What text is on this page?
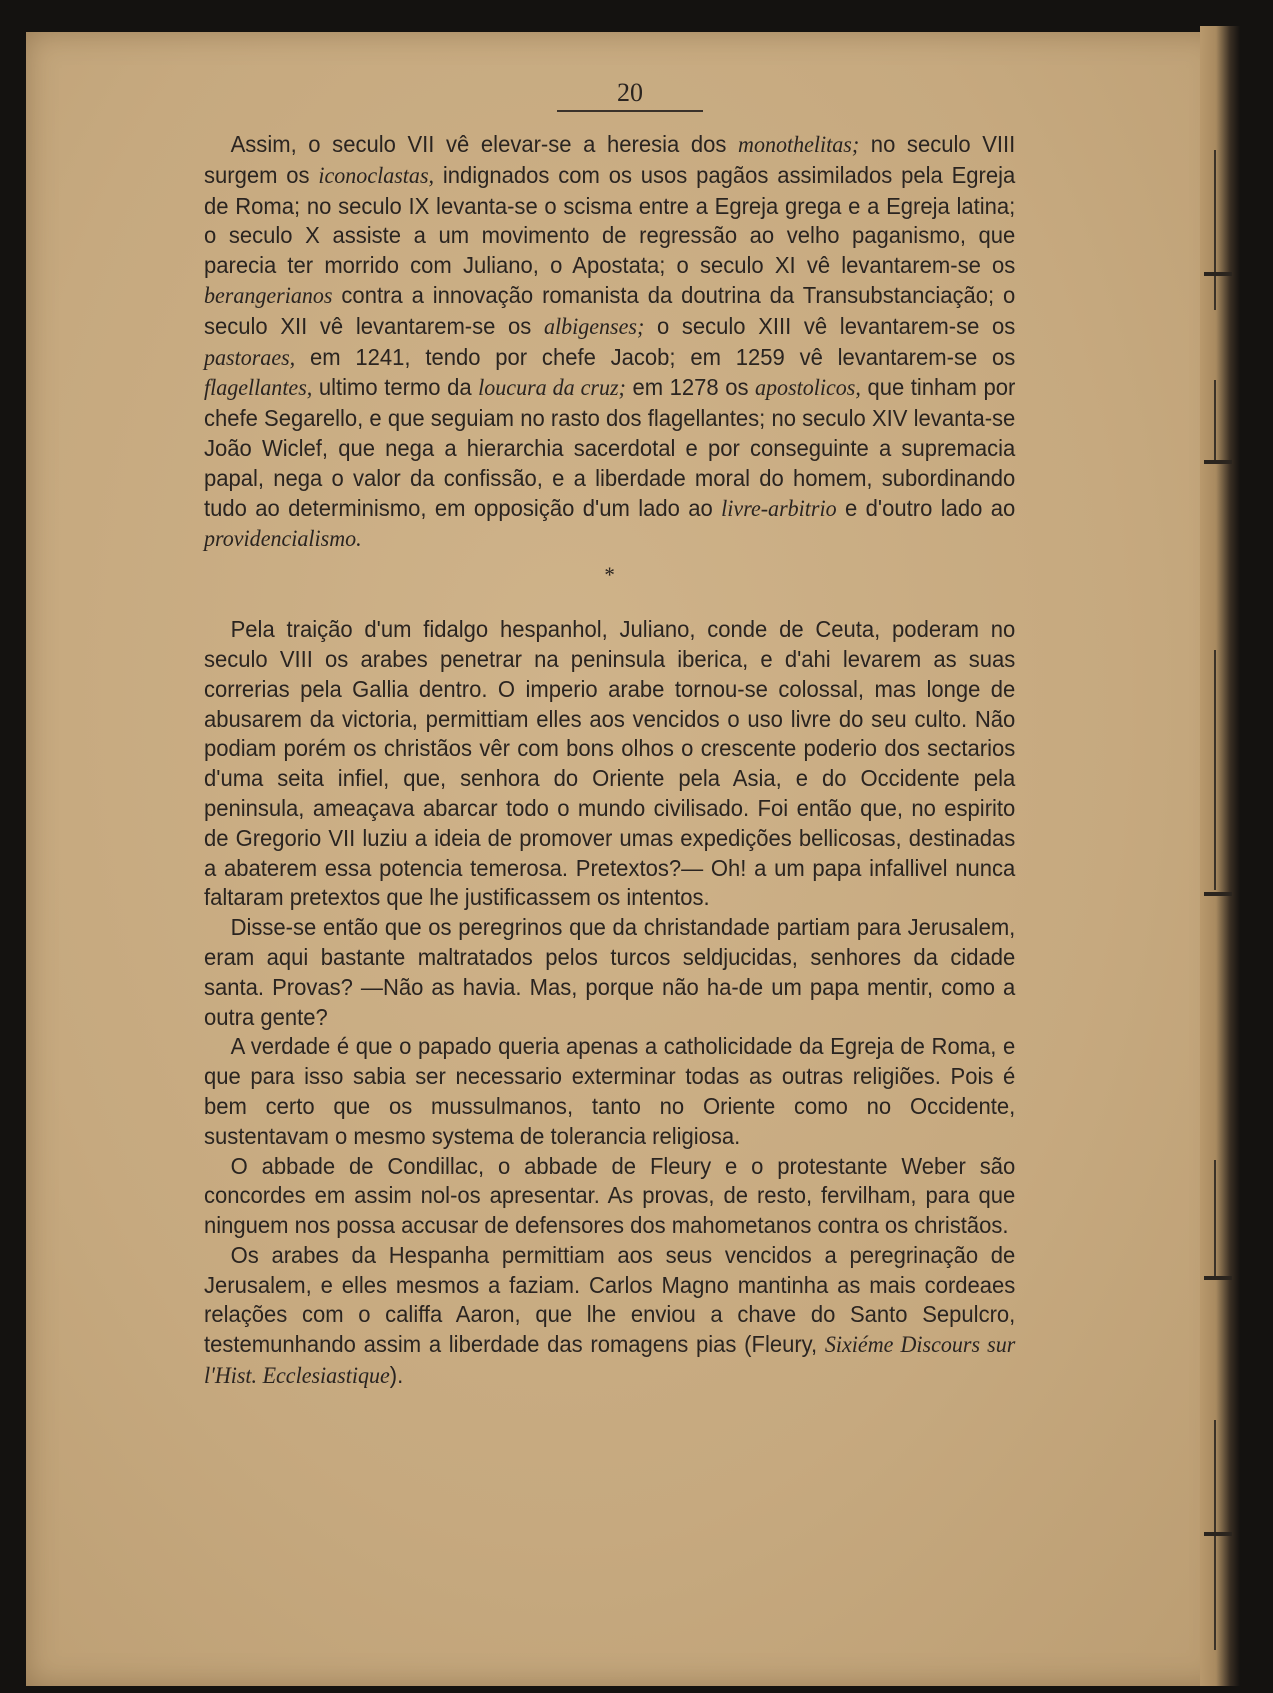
20

Assim, o seculo VII vê elevar-se a heresia dos monothelitas; no seculo VIII surgem os iconoclastas, indignados com os usos pagãos assimilados pela Egreja de Roma; no seculo IX levanta-se o scisma entre a Egreja grega e a Egreja latina; o seculo X assiste a um movimento de regressão ao velho paganismo, que parecia ter morrido com Juliano, o Apostata; o seculo XI vê levantarem-se os berangerianos contra a innovação romanista da doutrina da Transubstanciação; o seculo XII vê levantarem-se os albigenses; o seculo XIII vê levantarem-se os pastoraes, em 1241, tendo por chefe Jacob; em 1259 vê levantarem-se os flagellantes, ultimo termo da loucura da cruz; em 1278 os apostolicos, que tinham por chefe Segarello, e que seguiam no rasto dos flagellantes; no seculo XIV levanta-se João Wiclef, que nega a hierarchia sacerdotal e por conseguinte a supremacia papal, nega o valor da confissão, e a liberdade moral do homem, subordinando tudo ao determinismo, em opposição d'um lado ao livre-arbitrio e d'outro lado ao providencialismo.

*

Pela traição d'um fidalgo hespanhol, Juliano, conde de Ceuta, poderam no seculo VIII os arabes penetrar na peninsula iberica, e d'ahi levarem as suas correrias pela Gallia dentro. O imperio arabe tornou-se colossal, mas longe de abusarem da victoria, permittiam elles aos vencidos o uso livre do seu culto. Não podiam porém os christãos vêr com bons olhos o crescente poderio dos sectarios d'uma seita infiel, que, senhora do Oriente pela Asia, e do Occidente pela peninsula, ameaçava abarcar todo o mundo civilisado. Foi então que, no espirito de Gregorio VII luziu a ideia de promover umas expedições bellicosas, destinadas a abaterem essa potencia temerosa. Pretextos?— Oh! a um papa infallivel nunca faltaram pretextos que lhe justificassem os intentos.

Disse-se então que os peregrinos que da christandade partiam para Jerusalem, eram aqui bastante maltratados pelos turcos seldjucidas, senhores da cidade santa. Provas? —Não as havia. Mas, porque não ha-de um papa mentir, como a outra gente?

A verdade é que o papado queria apenas a catholicidade da Egreja de Roma, e que para isso sabia ser necessario exterminar todas as outras religiões. Pois é bem certo que os mussulmanos, tanto no Oriente como no Occidente, sustentavam o mesmo systema de tolerancia religiosa.

O abbade de Condillac, o abbade de Fleury e o protestante Weber são concordes em assim nol-os apresentar. As provas, de resto, fervilham, para que ninguem nos possa accusar de defensores dos mahometanos contra os christãos.

Os arabes da Hespanha permittiam aos seus vencidos a peregrinação de Jerusalem, e elles mesmos a faziam. Carlos Magno mantinha as mais cordeaes relações com o califfa Aaron, que lhe enviou a chave do Santo Sepulcro, testemunhando assim a liberdade das romagens pias (Fleury, Sixiéme Discours sur l'Hist. Ecclesiastique).
